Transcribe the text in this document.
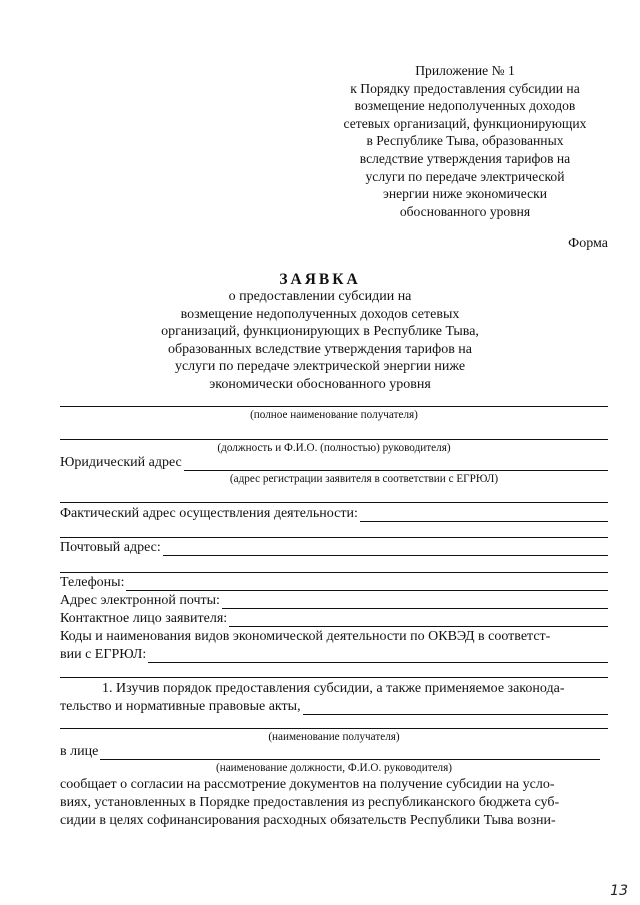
Приложение № 1
к Порядку предоставления субсидии на
возмещение недополученных доходов
сетевых организаций, функционирующих
в Республике Тыва, образованных
вследствие утверждения тарифов на
услуги по передаче электрической
энергии ниже экономически
обоснованного уровня
Форма
ЗАЯВКА
о предоставлении субсидии на
возмещение недополученных доходов сетевых
организаций, функционирующих в Республике Тыва,
образованных вследствие утверждения тарифов на
услуги по передаче электрической энергии ниже
экономически обоснованного уровня
(полное наименование получателя)
(должность и Ф.И.О. (полностью) руководителя)
Юридический адрес
(адрес регистрации заявителя в соответствии с ЕГРЮЛ)
Фактический адрес осуществления деятельности:
Почтовый адрес:
Телефоны:
Адрес электронной почты:
Контактное лицо заявителя:
Коды и наименования видов экономической деятельности по ОКВЭД в соответст-
вии с ЕГРЮЛ:
1. Изучив порядок предоставления субсидии, а также применяемое законода-
тельство и нормативные правовые акты,
(наименование получателя)
в лице
(наименование должности, Ф.И.О. руководителя)
сообщает о согласии на рассмотрение документов на получение субсидии на усло-
виях, установленных в Порядке предоставления из республиканского бюджета суб-
сидии в целях софинансирования расходных обязательств Республики Тыва возни-
13
